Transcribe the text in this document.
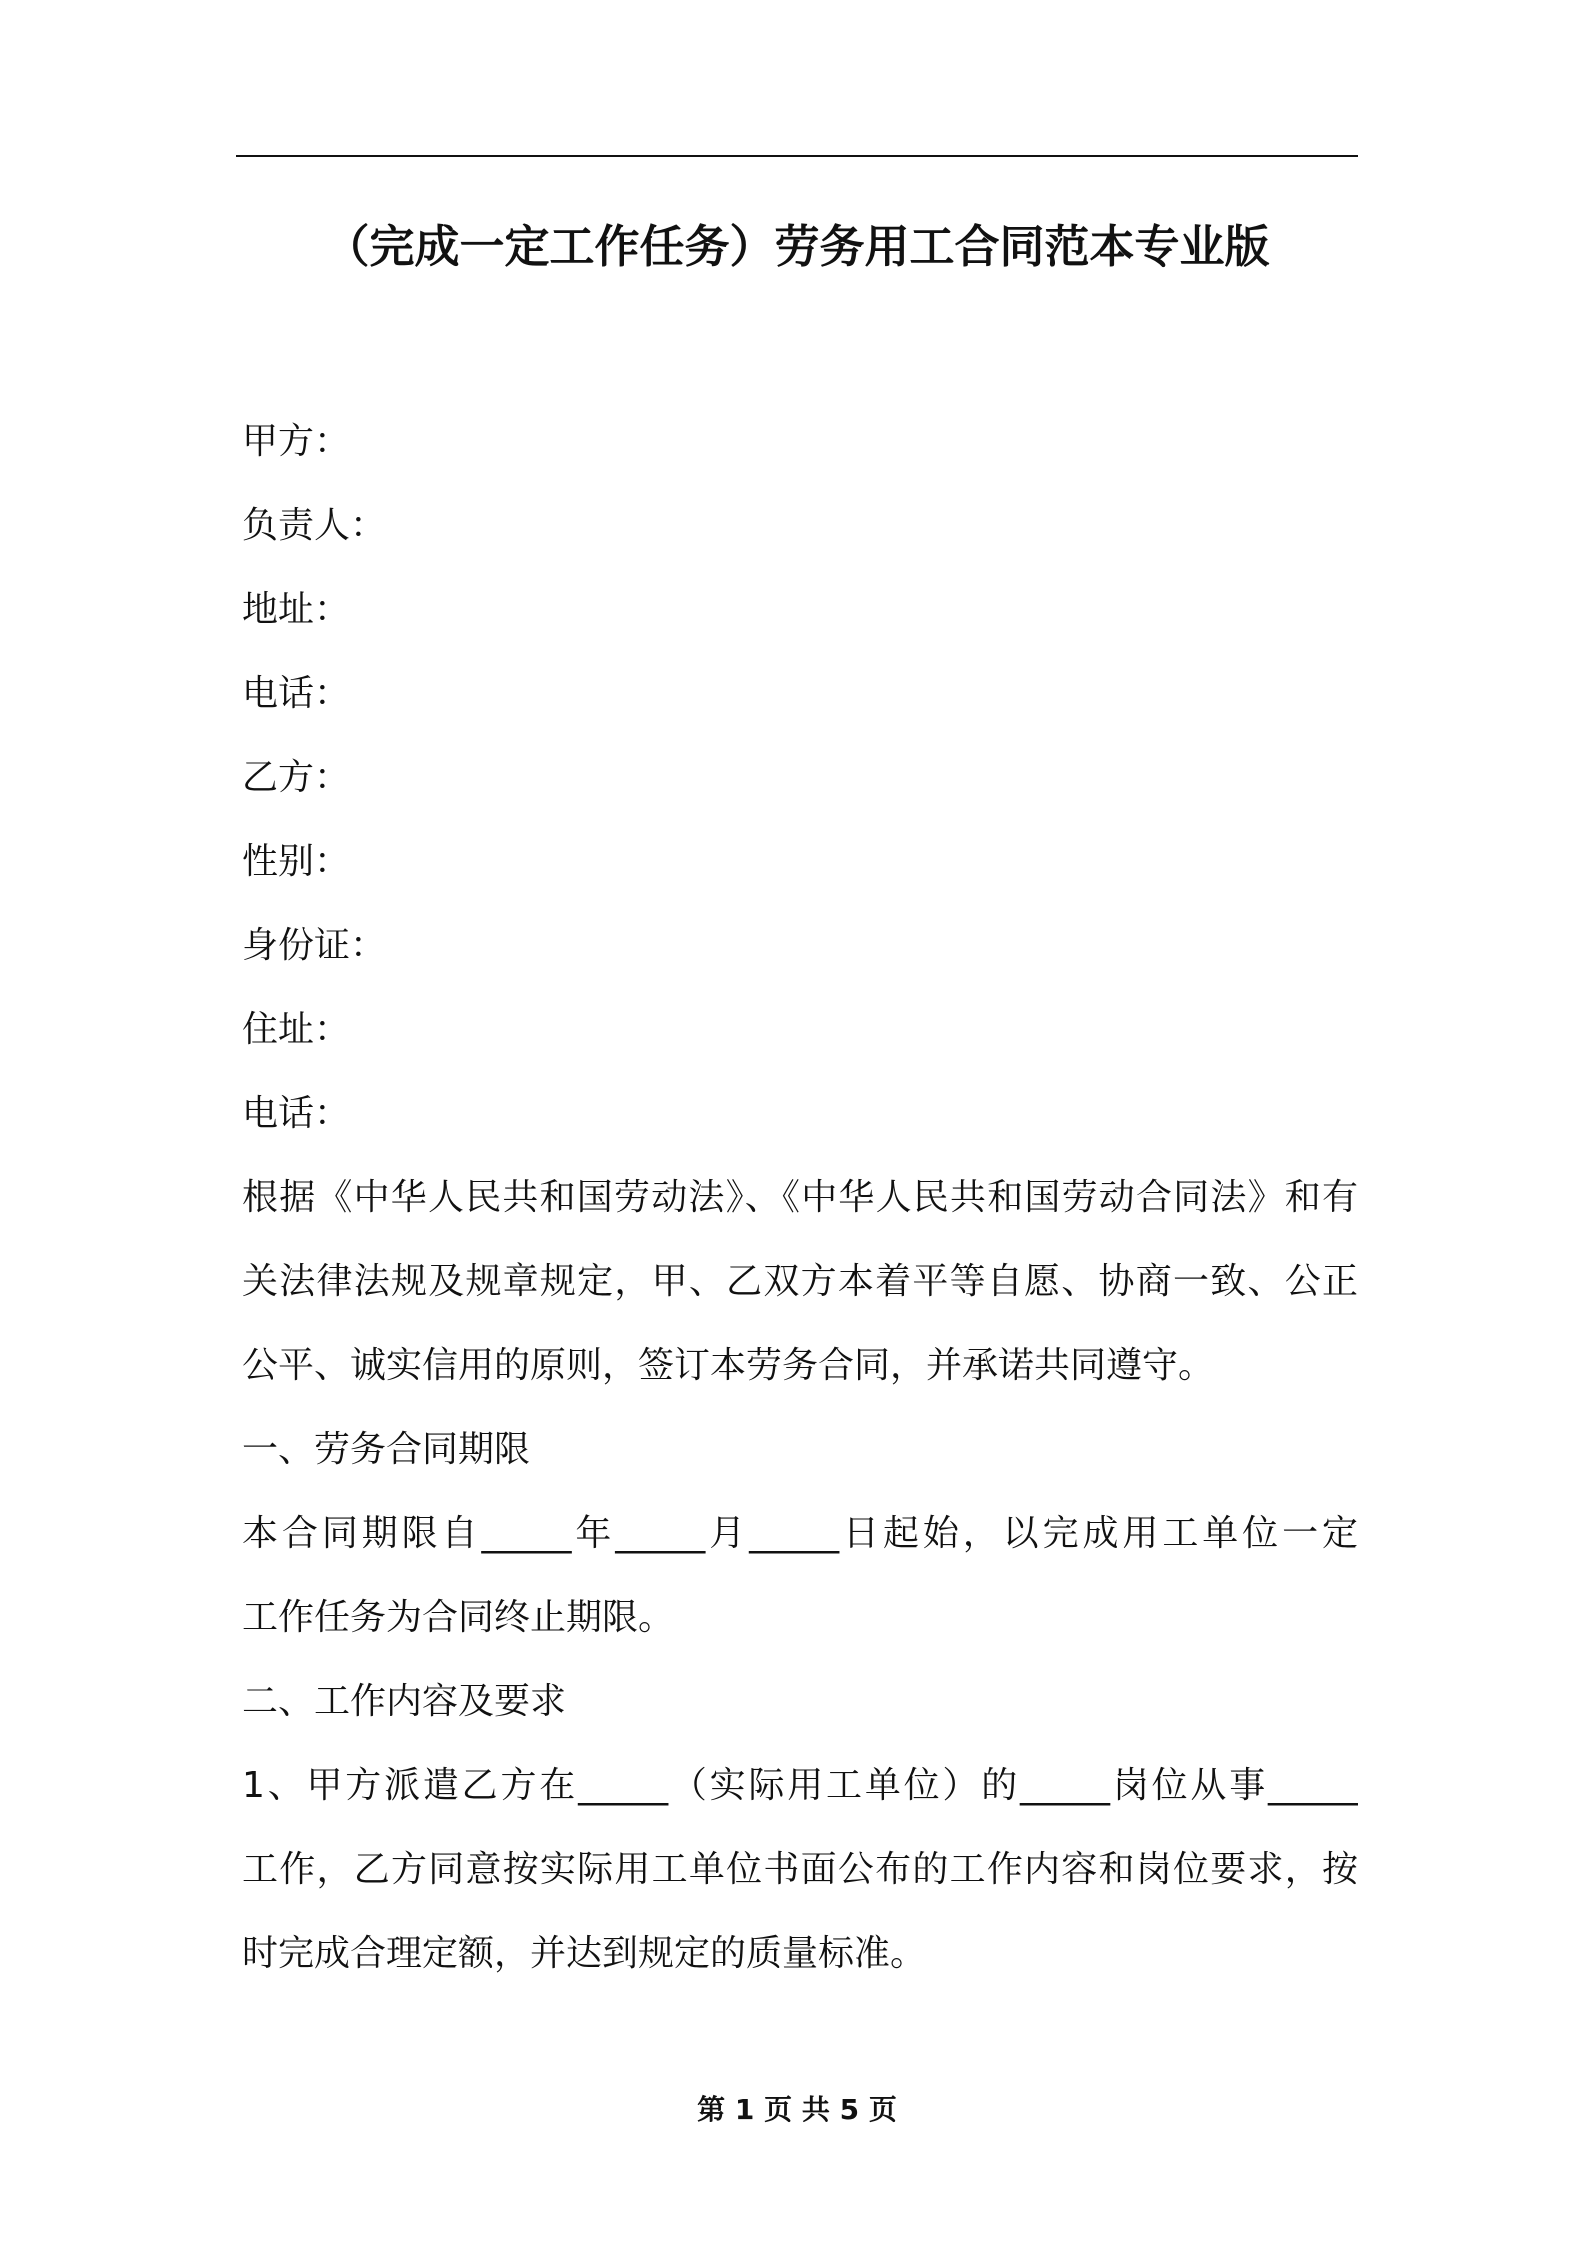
（完成一定工作任务）劳务用工合同范本专业版
甲方：
负责人：
地址：
电话：
乙方：
性别：
身份证：
住址：
电话：
根据《中华人民共和国劳动法》、《中华人民共和国劳动合同法》和有
关法律法规及规章规定，甲、乙双方本着平等自愿、协商一致、公正
公平、诚实信用的原则，签订本劳务合同，并承诺共同遵守。
一、劳务合同期限
本合同期限自_____年_____月_____日起始，以完成用工单位一定
工作任务为合同终止期限。
二、工作内容及要求
1、甲方派遣乙方在_____（实际用工单位）的_____岗位从事_____
工作，乙方同意按实际用工单位书面公布的工作内容和岗位要求，按
时完成合理定额，并达到规定的质量标准。
第 1 页 共 5 页
